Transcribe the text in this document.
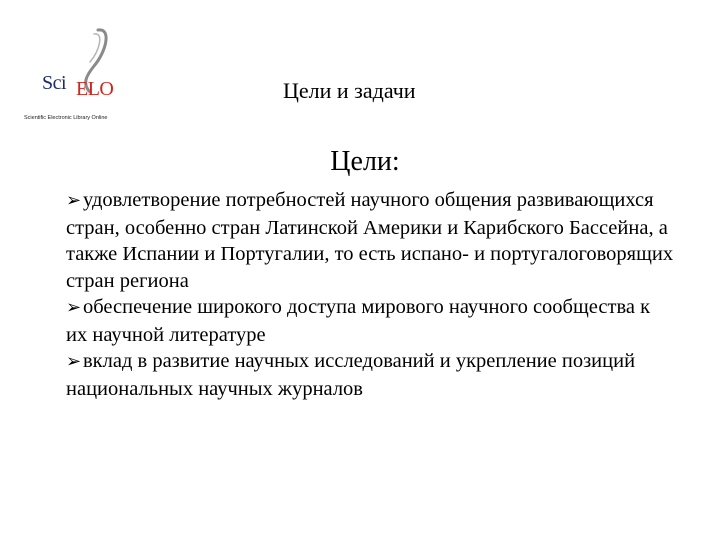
Sci ELO
Scientific Electronic Library Online
Цели и задачи
Цели:
➢удовлетворение потребностей научного общения развивающихся стран, особенно стран Латинской Америки и Карибского Бассейна, а также Испании и Португалии, то есть испано- и португалоговорящих стран региона
➢обеспечение широкого доступа мирового научного сообщества к их научной литературе
➢вклад в развитие научных исследований и укрепление позиций национальных научных журналов
